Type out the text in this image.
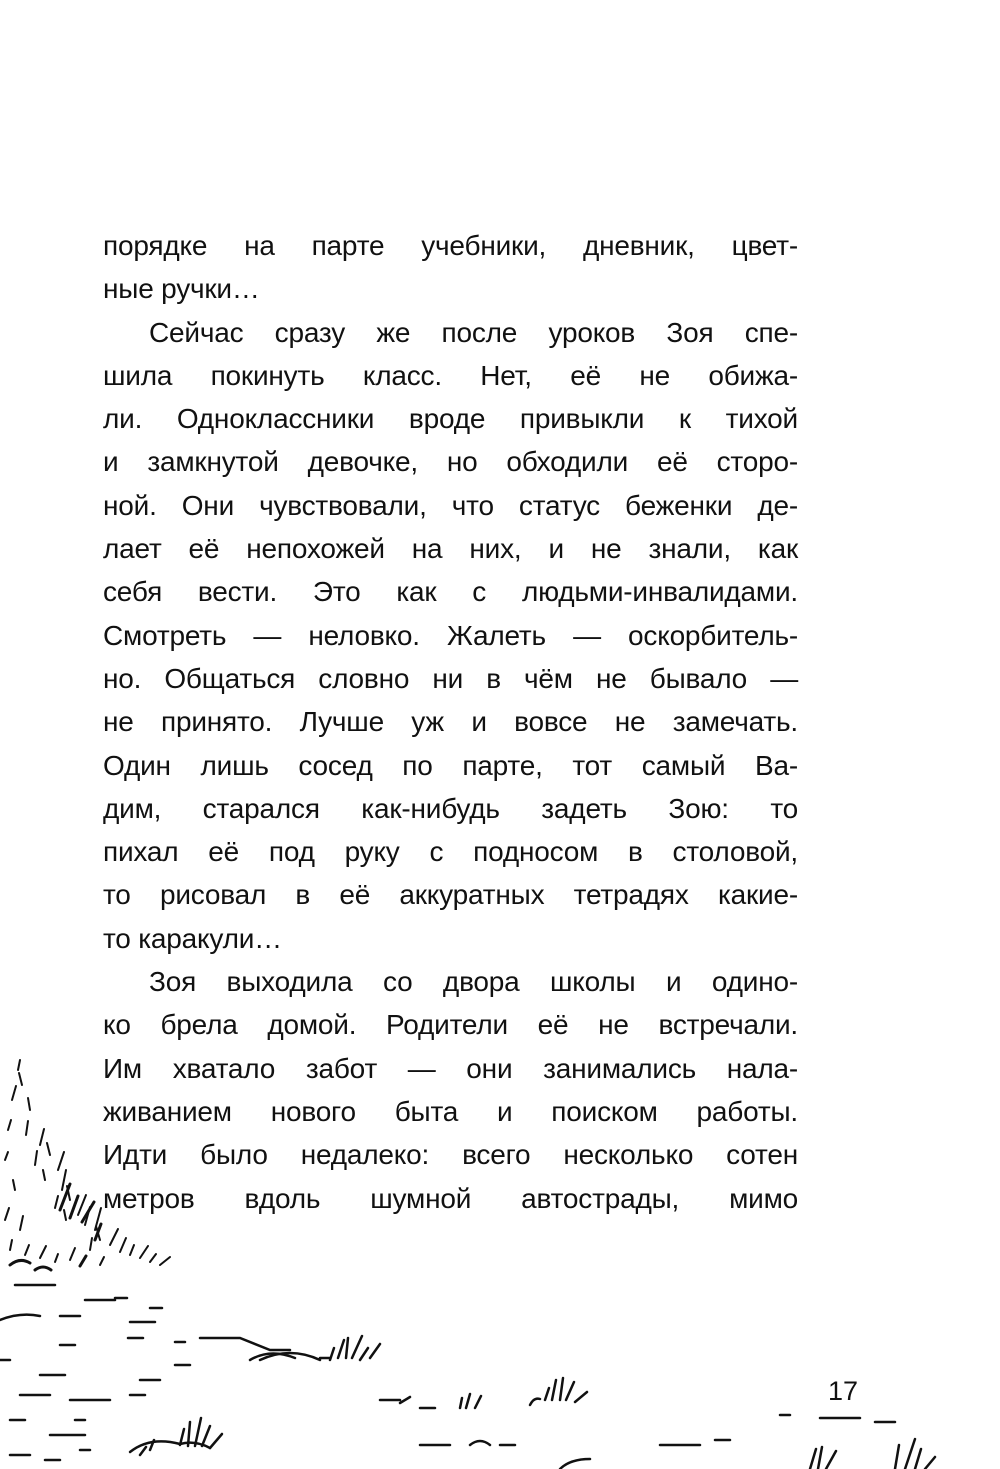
порядке на парте учебники, дневник, цвет-
ные ручки…
Сейчас сразу же после уроков Зоя спе-
шила покинуть класс. Нет, её не обижа-
ли. Одноклассники вроде привыкли к тихой
и замкнутой девочке, но обходили её сторо-
ной. Они чувствовали, что статус беженки де-
лает её непохожей на них, и не знали, как
себя вести. Это как с людьми-инвалидами.
Смотреть — неловко. Жалеть — оскорбитель-
но. Общаться словно ни в чём не бывало —
не принято. Лучше уж и вовсе не замечать.
Один лишь сосед по парте, тот самый Ва-
дим, старался как-нибудь задеть Зою: то
пихал её под руку с подносом в столовой,
то рисовал в её аккуратных тетрадях какие-
то каракули…
Зоя выходила со двора школы и одино-
ко брела домой. Родители её не встречали.
Им хватало забот — они занимались нала-
живанием нового быта и поиском работы.
Идти было недалеко: всего несколько сотен
метров вдоль шумной автострады, мимо
17
